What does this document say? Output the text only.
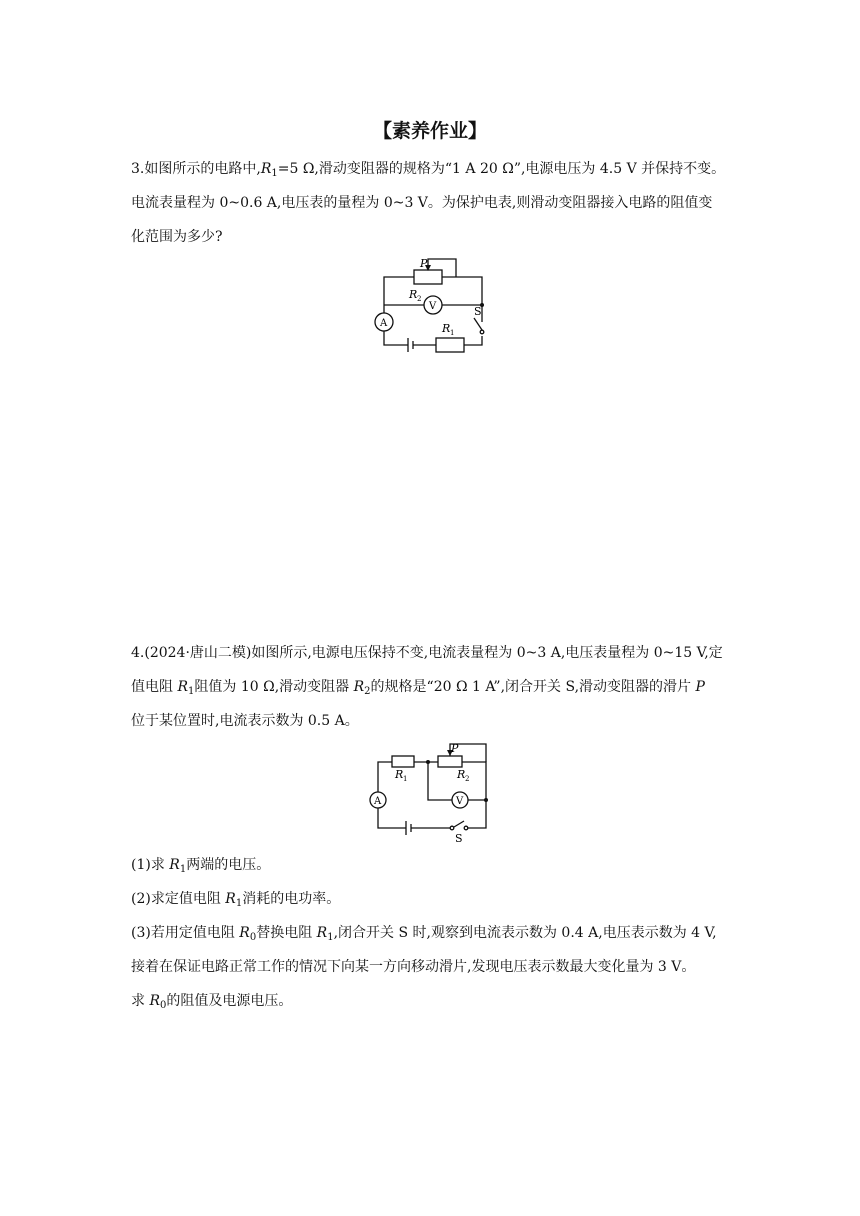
【素养作业】
3.如图所示的电路中$,R_1=5$ Ω,滑动变阻器的规格为“1 A 20 Ω”,电源电压为 4.5 V 并保持不变。
电流表量程为 0~0.6 A,电压表的量程为 0~3 V。为保护电表,则滑动变阻器接入电路的阻值变
化范围为多少?
P
R 2
V
A	R 1
S
4.(2024·唐山二模)如图所示,电源电压保持不变,电流表量程为 0~3 A,电压表量程为 0~15 V,定
值电阻 $R_1$阻值为 10 Ω,滑动变阻器 $R_2$的规格是“20 Ω 1 A”,闭合开关 S,滑动变阻器的滑片 P
位于某位置时,电流表示数为 0.5 A。
P
R 1	R 2
V
A
S
(1)求 $R_1$两端的电压。
(2)求定值电阻 $R_1$消耗的电功率。
(3)若用定值电阻 $R_0$替换电阻 $R_1$,闭合开关 S 时,观察到电流表示数为 0.4 A,电压表示数为 4 V,
接着在保证电路正常工作的情况下向某一方向移动滑片,发现电压表示数最大变化量为 3 V。
求 $R_0$的阻值及电源电压。
